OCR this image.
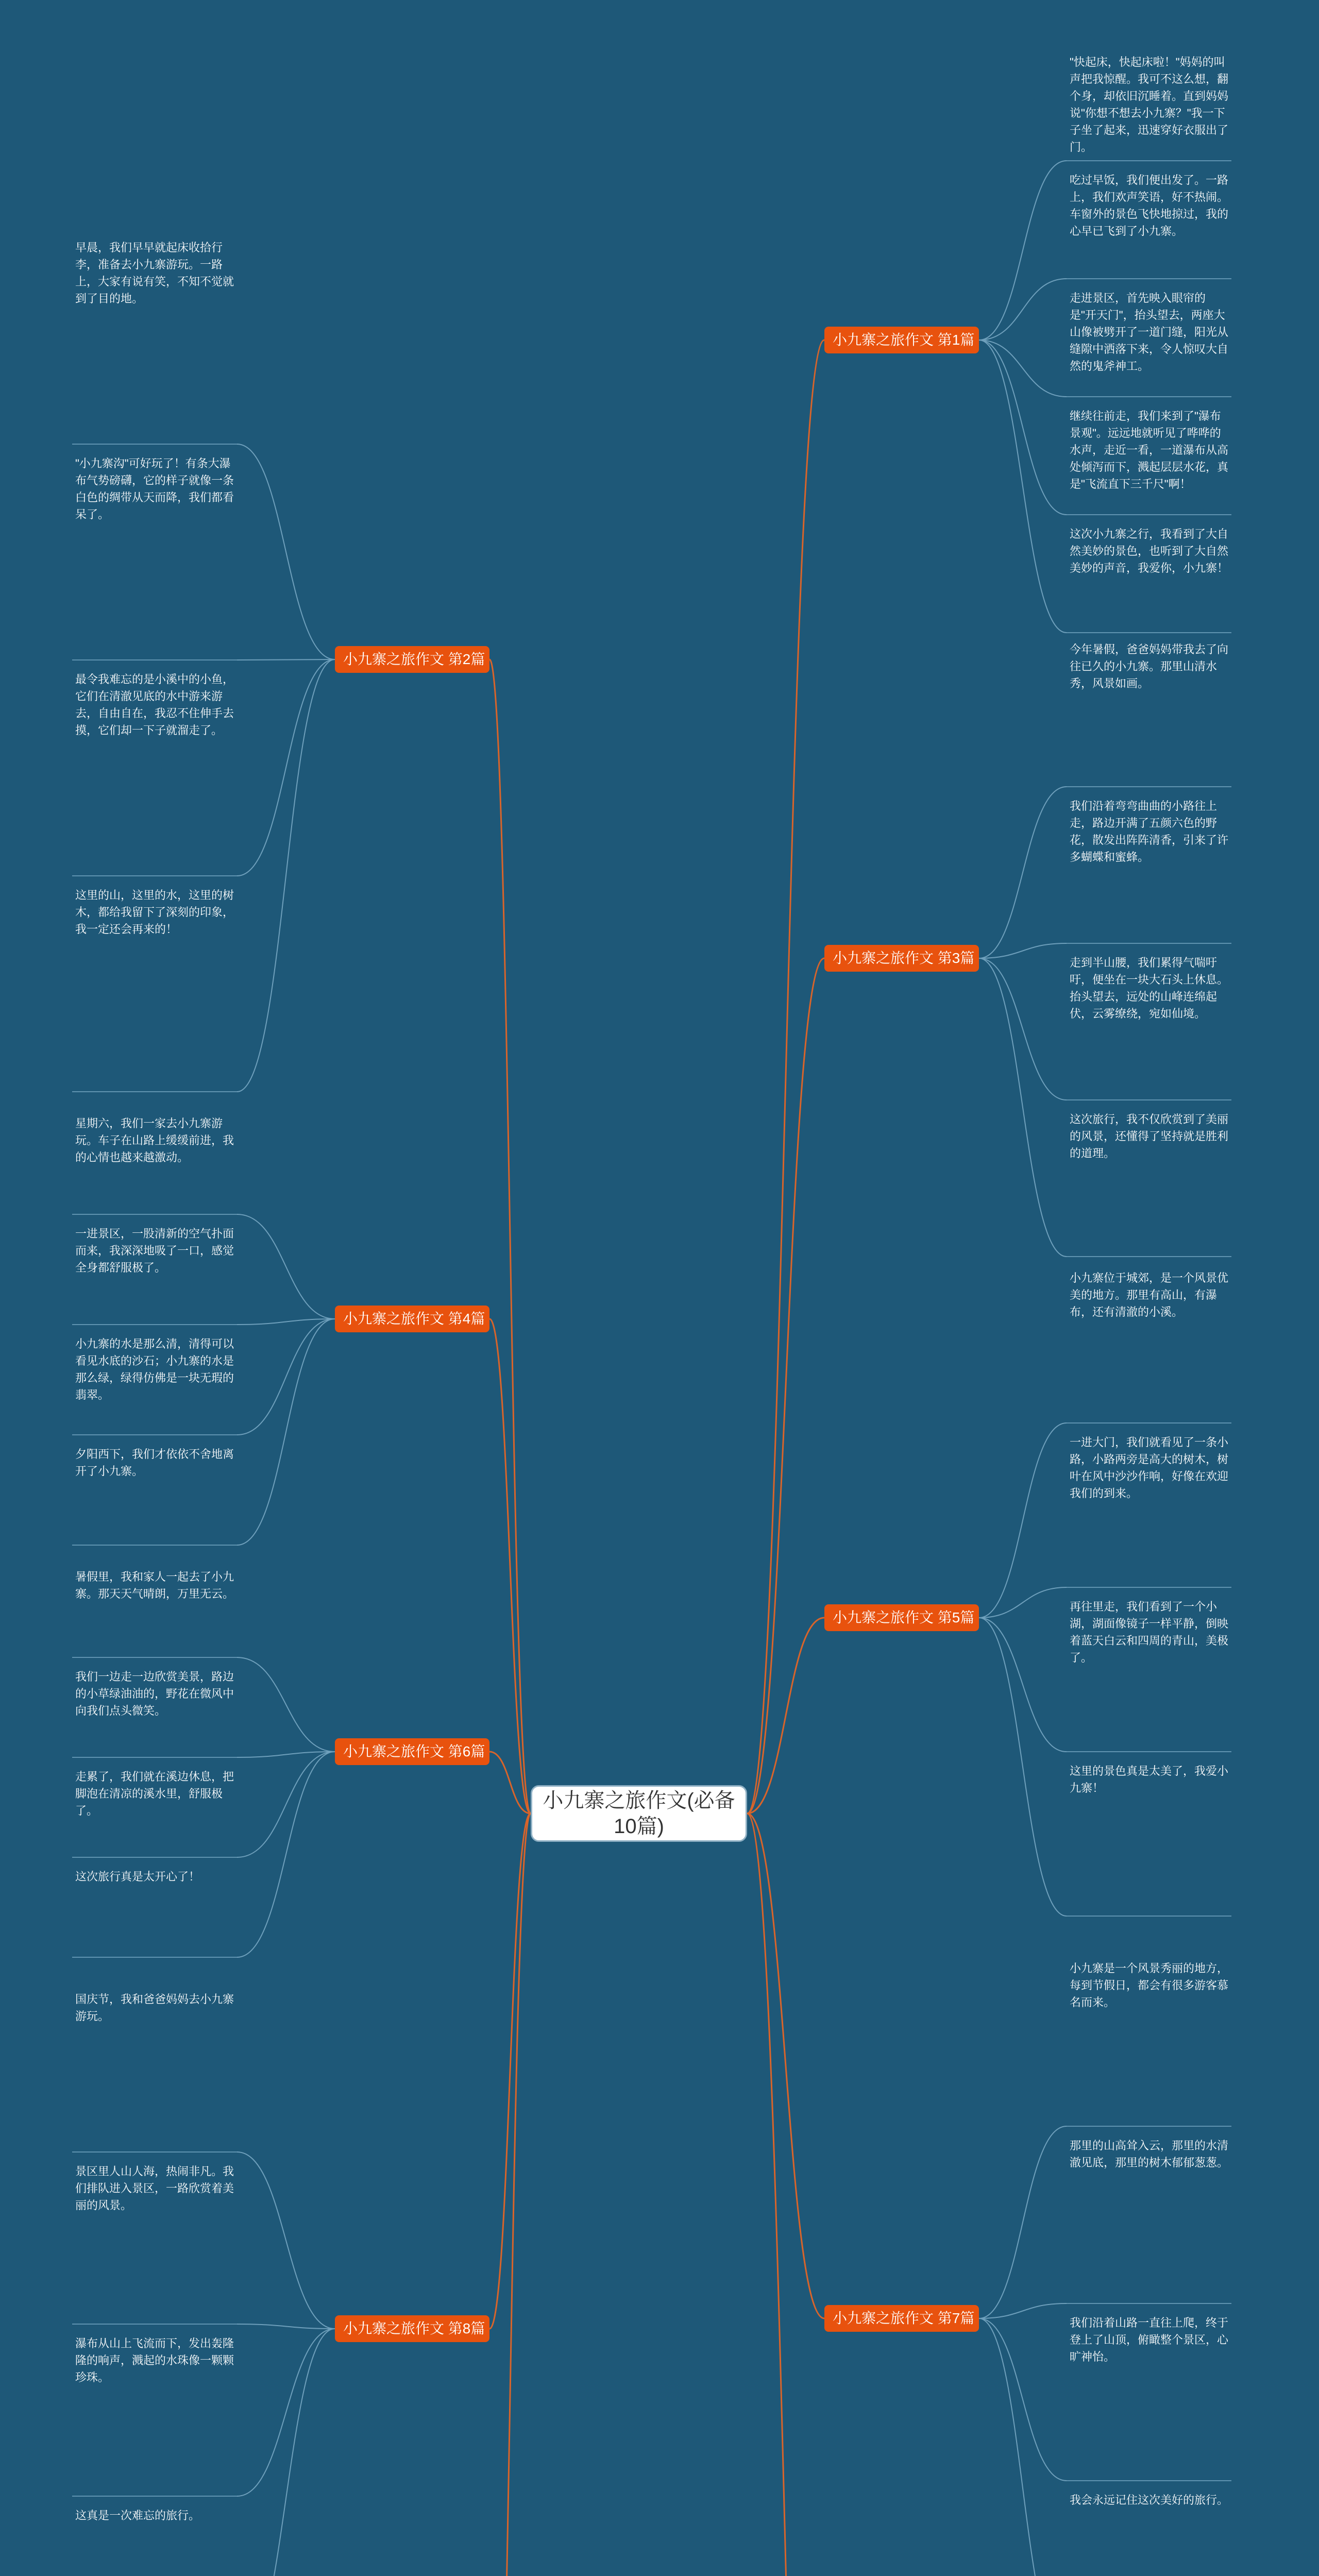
小九寨之旅作文(必备10篇)
小九寨之旅作文 第1篇
"快起床，快起床啦！"妈妈的叫声把我惊醒。我可不这么想，翻个身，却依旧沉睡着。直到妈妈说"你想不想去小九寨？"我一下子坐了起来，迅速穿好衣服出了门。
吃过早饭，我们便出发了。一路上，我们欢声笑语，好不热闹。车窗外的景色飞快地掠过，我的心早已飞到了小九寨。
走进景区，首先映入眼帘的是"开天门"，抬头望去，两座大山像被劈开了一道门缝，阳光从缝隙中洒落下来，令人惊叹大自然的鬼斧神工。
继续往前走，我们来到了"瀑布景观"。远远地就听见了哗哗的水声，走近一看，一道瀑布从高处倾泻而下，溅起层层水花，真是"飞流直下三千尺"啊！
这次小九寨之行，我看到了大自然美妙的景色，也听到了大自然美妙的声音，我爱你，小九寨！
小九寨之旅作文 第2篇
早晨，我们早早就起床收拾行李，准备去小九寨游玩。一路上，大家有说有笑，不知不觉就到了目的地。
"小九寨沟"可好玩了！有条大瀑布气势磅礴，它的样子就像一条白色的绸带从天而降，我们都看呆了。
最令我难忘的是小溪中的小鱼，它们在清澈见底的水中游来游去，自由自在，我忍不住伸手去摸，它们却一下子就溜走了。
这里的山，这里的水，这里的树木，都给我留下了深刻的印象，我一定还会再来的！
小九寨之旅作文 第3篇
今年暑假，爸爸妈妈带我去了向往已久的小九寨。那里山清水秀，风景如画。
我们沿着弯弯曲曲的小路往上走，路边开满了五颜六色的野花，散发出阵阵清香，引来了许多蝴蝶和蜜蜂。
走到半山腰，我们累得气喘吁吁，便坐在一块大石头上休息。抬头望去，远处的山峰连绵起伏，云雾缭绕，宛如仙境。
这次旅行，我不仅欣赏到了美丽的风景，还懂得了坚持就是胜利的道理。
小九寨之旅作文 第4篇
星期六，我们一家去小九寨游玩。车子在山路上缓缓前进，我的心情也越来越激动。
一进景区，一股清新的空气扑面而来，我深深地吸了一口，感觉全身都舒服极了。
小九寨的水是那么清，清得可以看见水底的沙石；小九寨的水是那么绿，绿得仿佛是一块无瑕的翡翠。
夕阳西下，我们才依依不舍地离开了小九寨。
小九寨之旅作文 第5篇
小九寨位于城郊，是一个风景优美的地方。那里有高山，有瀑布，还有清澈的小溪。
一进大门，我们就看见了一条小路，小路两旁是高大的树木，树叶在风中沙沙作响，好像在欢迎我们的到来。
再往里走，我们看到了一个小湖，湖面像镜子一样平静，倒映着蓝天白云和四周的青山，美极了。
这里的景色真是太美了，我爱小九寨！
小九寨之旅作文 第6篇
暑假里，我和家人一起去了小九寨。那天天气晴朗，万里无云。
我们一边走一边欣赏美景，路边的小草绿油油的，野花在微风中向我们点头微笑。
走累了，我们就在溪边休息，把脚泡在清凉的溪水里，舒服极了。
这次旅行真是太开心了！
小九寨之旅作文 第7篇
小九寨是一个风景秀丽的地方，每到节假日，都会有很多游客慕名而来。
那里的山高耸入云，那里的水清澈见底，那里的树木郁郁葱葱。
我们沿着山路一直往上爬，终于登上了山顶，俯瞰整个景区，心旷神怡。
我会永远记住这次美好的旅行。
小九寨之旅作文 第8篇
国庆节，我和爸爸妈妈去小九寨游玩。
景区里人山人海，热闹非凡。我们排队进入景区，一路欣赏着美丽的风景。
瀑布从山上飞流而下，发出轰隆隆的响声，溅起的水珠像一颗颗珍珠。
这真是一次难忘的旅行。
